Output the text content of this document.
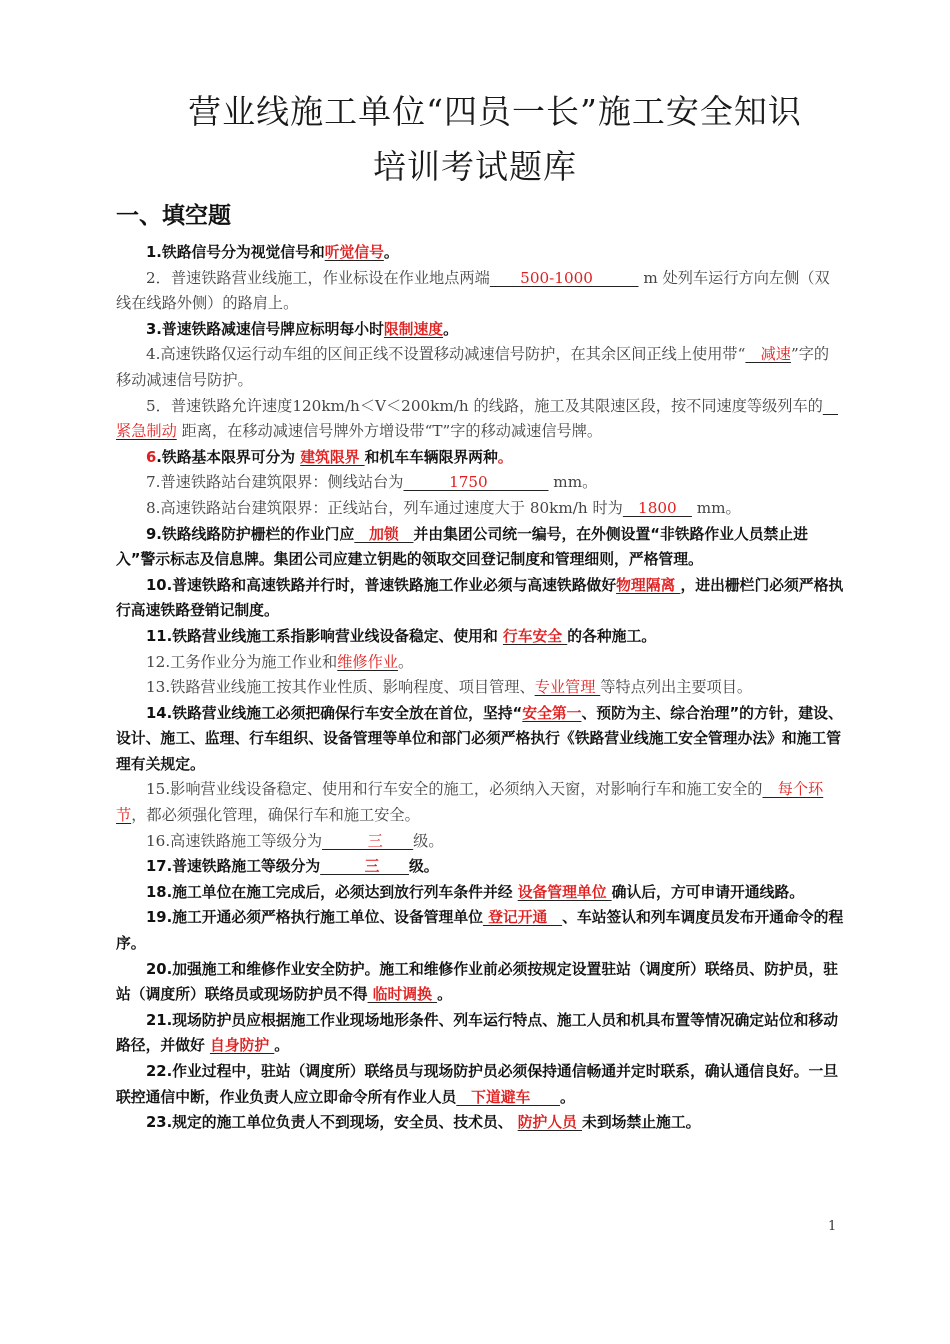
营业线施工单位“四员一长”施工安全知识
培训考试题库
一、填空题

1.铁路信号分为视觉信号和听觉信号。

2．普速铁路营业线施工，作业标设在作业地点两端　　500-1000　　　 m 处列车运行方向左侧（双线在线路外侧）的路肩上。

3.普速铁路减速信号牌应标明每小时限制速度。

4.高速铁路仅运行动车组的区间正线不设置移动减速信号防护，在其余区间正线上使用带“　减速”字的移动减速信号防护。

5．普速铁路允许速度120km/h＜V＜200km/h 的线路，施工及其限速区段，按不同速度等级列车的　紧急制动 距离，在移动减速信号牌外方增设带“T”字的移动减速信号牌。

6.铁路基本限界可分为 建筑限界 和机车车辆限界两种。

7.普速铁路站台建筑限界：侧线站台为　　　1750　　　　 mm。

8.高速铁路站台建筑限界：正线站台，列车通过速度大于 80km/h 时为　1800　 mm。

9.铁路线路防护栅栏的作业门应　加锁　并由集团公司统一编号，在外侧设置“非铁路作业人员禁止进入”警示标志及信息牌。集团公司应建立钥匙的领取交回登记制度和管理细则，严格管理。

10.普速铁路和高速铁路并行时，普速铁路施工作业必须与高速铁路做好物理隔离 ，进出栅栏门必须严格执行高速铁路登销记制度。

11.铁路营业线施工系指影响营业线设备稳定、使用和 行车安全 的各种施工。

12.工务作业分为施工作业和维修作业。

13.铁路营业线施工按其作业性质、影响程度、项目管理、专业管理 等特点列出主要项目。

14.铁路营业线施工必须把确保行车安全放在首位，坚持“安全第一、预防为主、综合治理”的方针，建设、设计、施工、监理、行车组织、设备管理等单位和部门必须严格执行《铁路营业线施工安全管理办法》和施工管理有关规定。

15.影响营业线设备稳定、使用和行车安全的施工，必须纳入天窗，对影响行车和施工安全的　每个环节，都必须强化管理，确保行车和施工安全。

16.高速铁路施工等级分为　　　三　　级。

17.普速铁路施工等级分为　　　三　　级。

18.施工单位在施工完成后，必须达到放行列车条件并经 设备管理单位 确认后，方可申请开通线路。

19.施工开通必须严格执行施工单位、设备管理单位 登记开通　、车站签认和列车调度员发布开通命令的程序。

20.加强施工和维修作业安全防护。施工和维修作业前必须按规定设置驻站（调度所）联络员、防护员，驻站（调度所）联络员或现场防护员不得 临时调换 。

21.现场防护员应根据施工作业现场地形条件、列车运行特点、施工人员和机具布置等情况确定站位和移动路径，并做好 自身防护 。

22.作业过程中，驻站（调度所）联络员与现场防护员必须保持通信畅通并定时联系，确认通信良好。一旦联控通信中断，作业负责人应立即命令所有作业人员　下道避车　　。

23.规定的施工单位负责人不到现场，安全员、技术员、 防护人员 未到场禁止施工。

1
